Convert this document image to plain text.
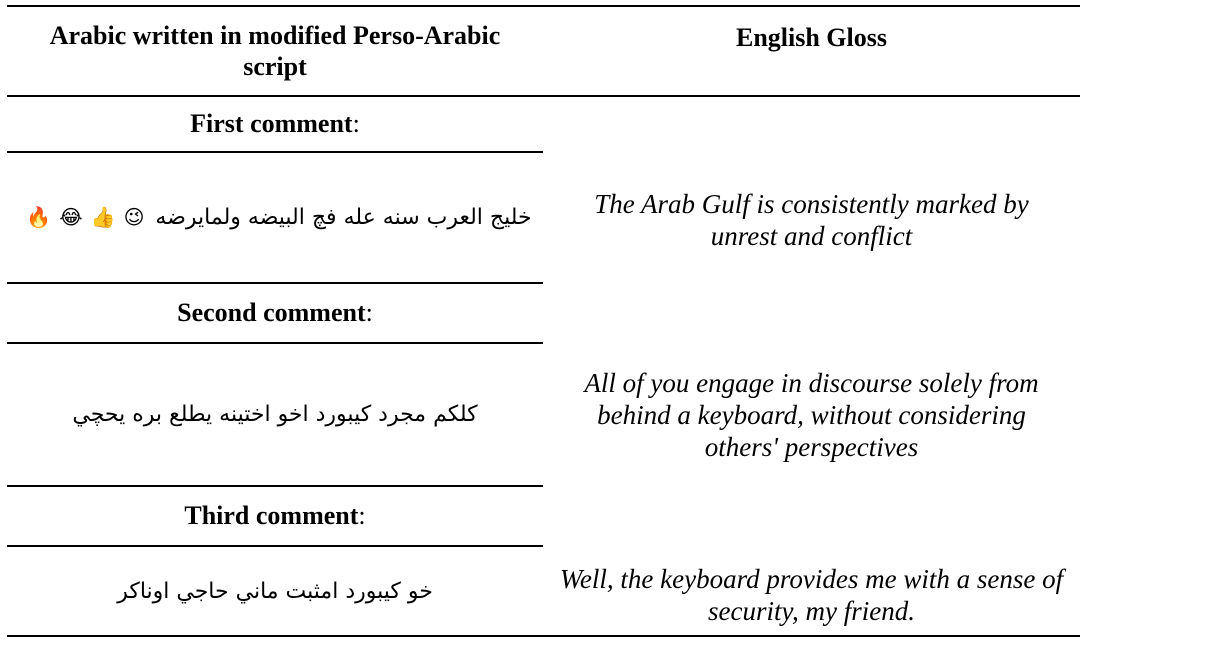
Arabic written in modified Perso-Arabic script
English Gloss
First comment:
خليج العرب سنه عله فچ البيضه ولمايرضه 😉👍😂🔥	The Arab Gulf is consistently marked by unrest and conflict
Second comment:
كلكم مجرد كيبورد اخو اختينه يطلع بره يحچي
All of you engage in discourse solely from behind a keyboard, without considering others' perspectives
Third comment:
خو كيبورد امثبت ماني حاجي اوناكر	Well, the keyboard provides me with a sense of security, my friend.
